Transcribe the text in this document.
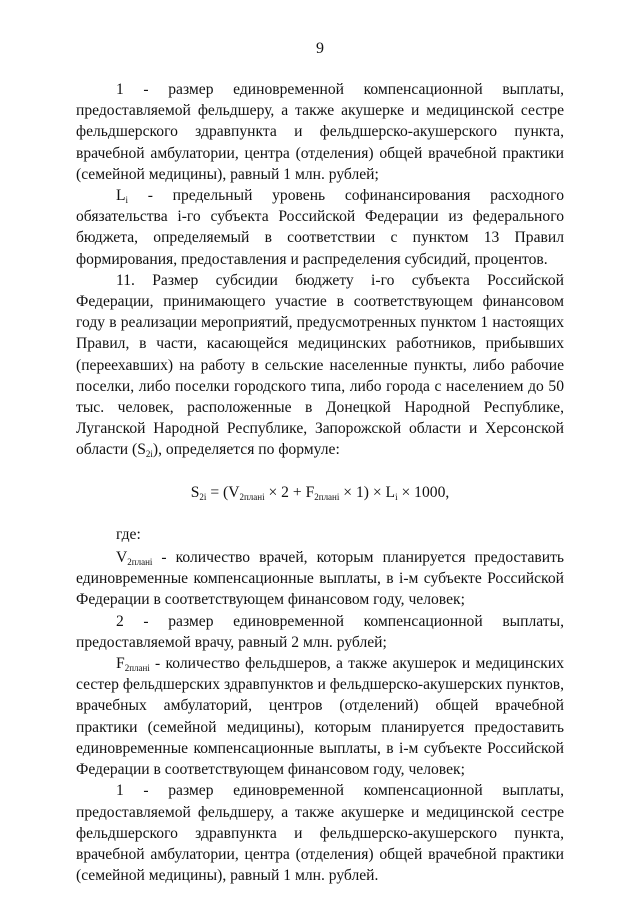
9

1 - размер единовременной компенсационной выплаты, предоставляемой фельдшеру, а также акушерке и медицинской сестре фельдшерского здравпункта и фельдшерско-акушерского пункта, врачебной амбулатории, центра (отделения) общей врачебной практики (семейной медицины), равный 1 млн. рублей;

$L_i$ - предельный уровень софинансирования расходного обязательства i-го субъекта Российской Федерации из федерального бюджета, определяемый в соответствии с пунктом 13 Правил формирования, предоставления и распределения субсидий, процентов.

11. Размер субсидии бюджету i-го субъекта Российской Федерации, принимающего участие в соответствующем финансовом году в реализации мероприятий, предусмотренных пунктом 1 настоящих Правил, в части, касающейся медицинских работников, прибывших (переехавших) на работу в сельские населенные пункты, либо рабочие поселки, либо поселки городского типа, либо города с населением до 50 тыс. человек, расположенные в Донецкой Народной Республике, Луганской Народной Республике, Запорожской области и Херсонской области $(S_{2i})$, определяется по формуле:

$S_{2i} = (V_{2планi} \times 2 + F_{2планi} \times 1) \times L_i \times 1000$,

где:

$V_{2планi}$ - количество врачей, которым планируется предоставить единовременные компенсационные выплаты, в i-м субъекте Российской Федерации в соответствующем финансовом году, человек;

2 - размер единовременной компенсационной выплаты, предоставляемой врачу, равный 2 млн. рублей;

$F_{2планi}$ - количество фельдшеров, а также акушерок и медицинских сестер фельдшерских здравпунктов и фельдшерско-акушерских пунктов, врачебных амбулаторий, центров (отделений) общей врачебной практики (семейной медицины), которым планируется предоставить единовременные компенсационные выплаты, в i-м субъекте Российской Федерации в соответствующем финансовом году, человек;

1 - размер единовременной компенсационной выплаты, предоставляемой фельдшеру, а также акушерке и медицинской сестре фельдшерского здравпункта и фельдшерско-акушерского пункта, врачебной амбулатории, центра (отделения) общей врачебной практики (семейной медицины), равный 1 млн. рублей.
